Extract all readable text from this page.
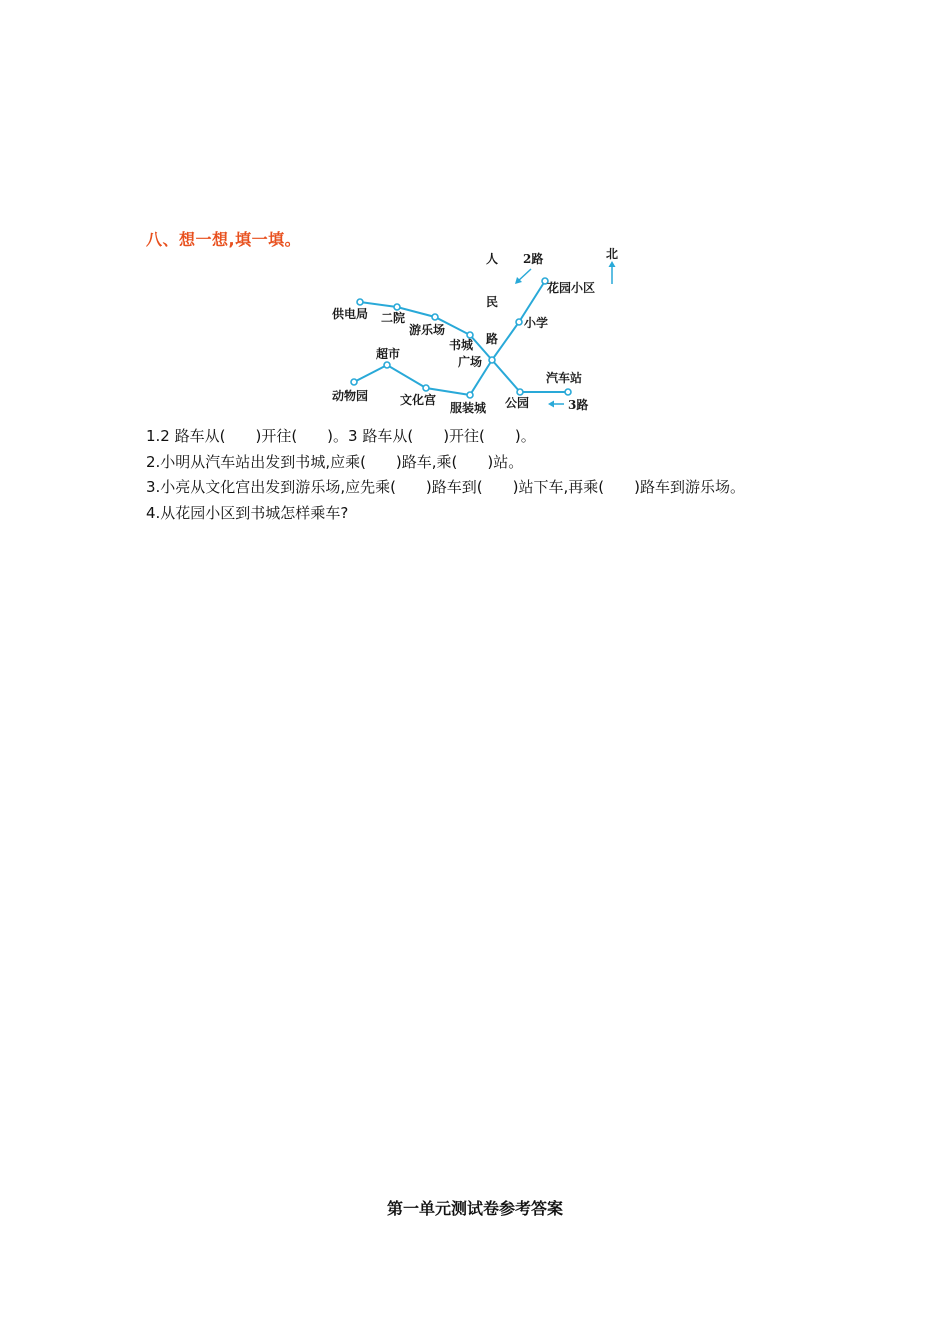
八、想一想,填一填。
人
民
路
2路	北
3路
供电局 二院
游乐场
书城
广场
小学
花园小区
超市
动物园	文化宫
服装城 公园
汽车站
1.2 路车从(　　)开往(　　)。3 路车从(　　)开往(　　)。
2.小明从汽车站出发到书城,应乘(　　)路车,乘(　　)站。
3.小亮从文化宫出发到游乐场,应先乘(　　)路车到(　　)站下车,再乘(　　)路车到游乐场。
4.从花园小区到书城怎样乘车?
第一单元测试卷参考答案
